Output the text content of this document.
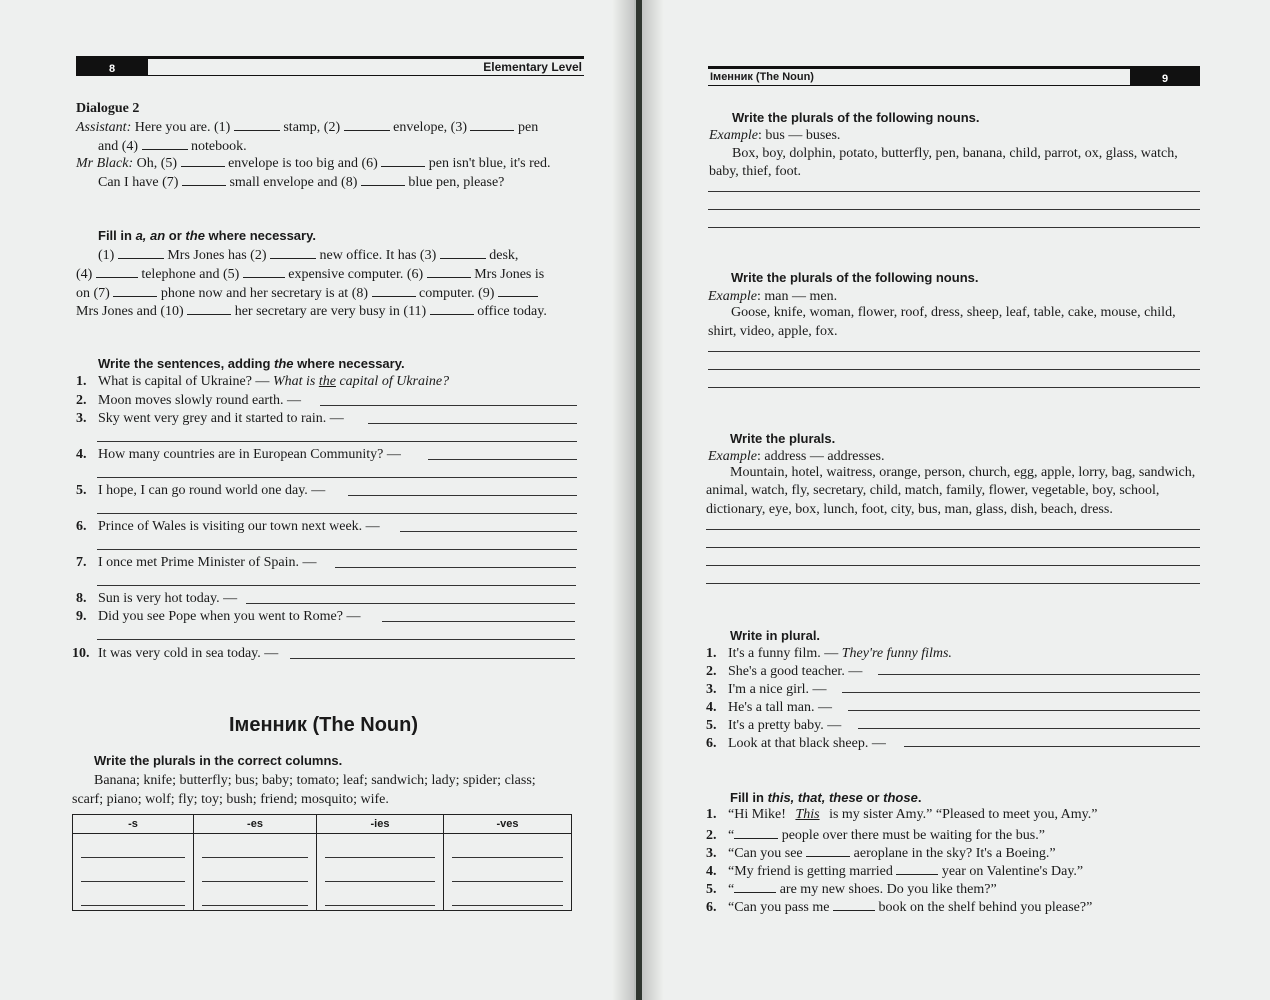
8	Elementary Level
Dialogue 2
Assistant: Here you are. (1)	stamp, (2)	envelope, (3)	pen
and (4)	notebook.
Mr Black: Oh, (5)	envelope is too big and (6)	pen isn't blue, it's red.
Can I have (7)	small envelope and (8)	blue pen, please?
Fill in a, an or the where necessary.
(1)	Mrs Jones has (2)	new office. It has (3)	desk,
(4)	telephone and (5)	expensive computer. (6)	Mrs Jones is
on (7)	phone now and her secretary is at (8)	computer. (9)
Mrs Jones and (10)	her secretary are very busy in (11)	office today.
Write the sentences, adding the where necessary.
1. What is capital of Ukraine? — What is the capital of Ukraine?
2. Moon moves slowly round earth. —
3. Sky went very grey and it started to rain. —
4. How many countries are in European Community? —
5. I hope, I can go round world one day. —
6. Prince of Wales is visiting our town next week. —
7. I once met Prime Minister of Spain. —
8. Sun is very hot today. —
9. Did you see Pope when you went to Rome? —
10. It was very cold in sea today. —
Іменник (The Noun)
Write the plurals in the correct columns.
Banana; knife; butterfly; bus; baby; tomato; leaf; sandwich; lady; spider; class;
scarf; piano; wolf; fly; toy; bush; friend; mosquito; wife.
-s	-es	-ies	-ves

Іменник (The Noun)	9
Write the plurals of the following nouns.
Example: bus — buses.
Box, boy, dolphin, potato, butterfly, pen, banana, child, parrot, ox, glass, watch,
baby, thief, foot.
Write the plurals of the following nouns.
Example: man — men.
Goose, knife, woman, flower, roof, dress, sheep, leaf, table, cake, mouse, child,
shirt, video, apple, fox.
Write the plurals.
Example: address — addresses.
Mountain, hotel, waitress, orange, person, church, egg, apple, lorry, bag, sandwich,
animal, watch, fly, secretary, child, match, family, flower, vegetable, boy, school,
dictionary, eye, box, lunch, foot, city, bus, man, glass, dish, beach, dress.
Write in plural.
1. It's a funny film. — They're funny films.
2. She's a good teacher. —
3. I'm a nice girl. —
4. He's a tall man. —
5. It's a pretty baby. —
6. Look at that black sheep. —
Fill in this, that, these or those.
1. “Hi Mike! This is my sister Amy.” “Pleased to meet you, Amy.”
2. “	people over there must be waiting for the bus.”
3. “Can you see	aeroplane in the sky? It's a Boeing.”
4. “My friend is getting married	year on Valentine's Day.”
5. “	are my new shoes. Do you like them?”
6. “Can you pass me	book on the shelf behind you please?”
